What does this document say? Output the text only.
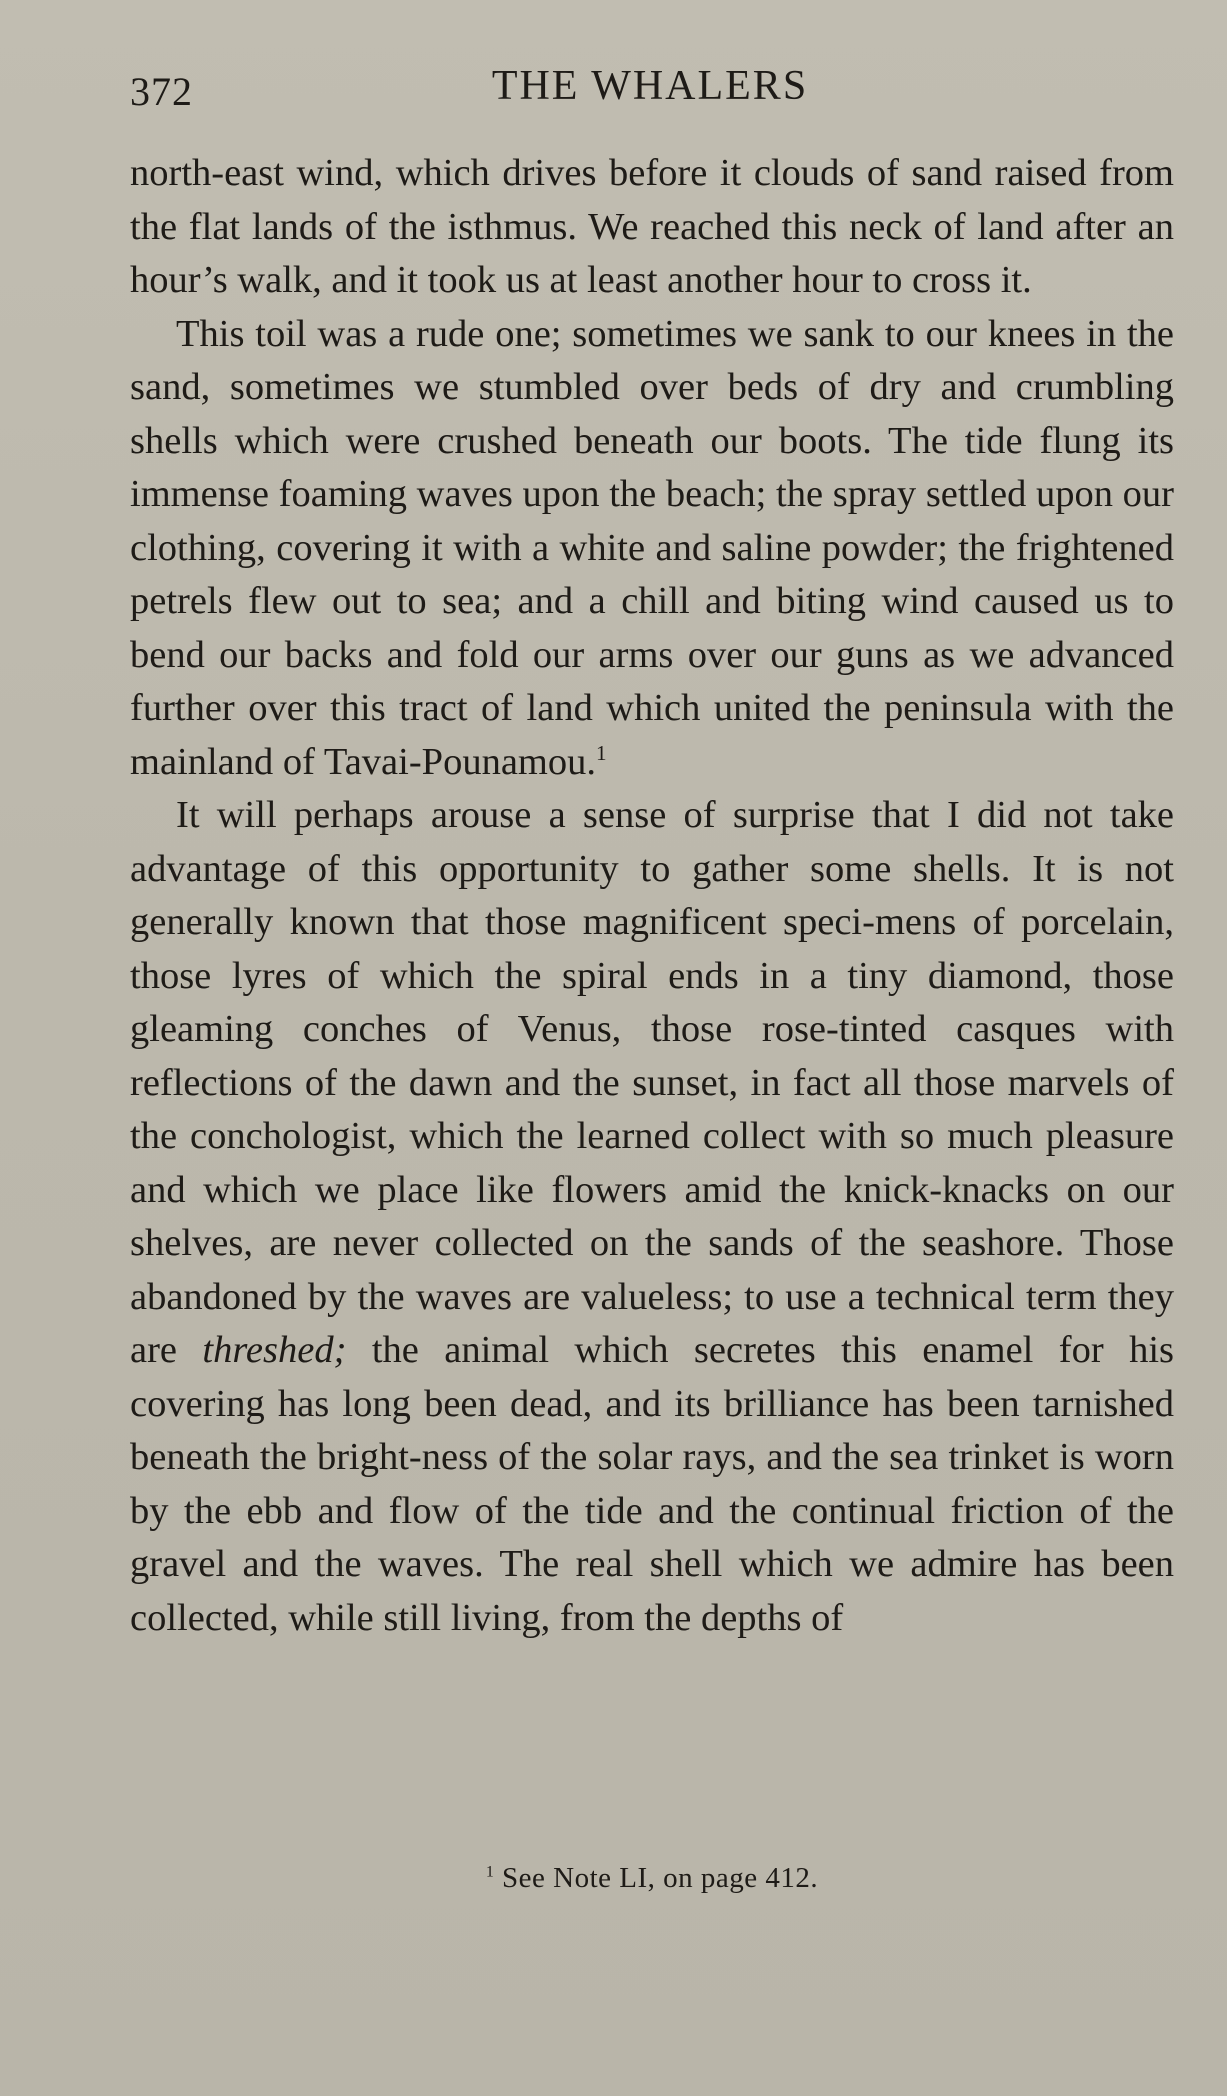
372	THE WHALERS

north-east wind, which drives before it clouds of sand raised from the flat lands of the isthmus. We reached this neck of land after an hour’s walk, and it took us at least another hour to cross it.

This toil was a rude one; sometimes we sank to our knees in the sand, sometimes we stumbled over beds of dry and crumbling shells which were crushed beneath our boots. The tide flung its immense foaming waves upon the beach; the spray settled upon our clothing, covering it with a white and saline powder; the frightened petrels flew out to sea; and a chill and biting wind caused us to bend our backs and fold our arms over our guns as we advanced further over this tract of land which united the peninsula with the mainland of Tavai-Pounamou.$^1$

It will perhaps arouse a sense of surprise that I did not take advantage of this opportunity to gather some shells. It is not generally known that those magnificent speci-mens of porcelain, those lyres of which the spiral ends in a tiny diamond, those gleaming conches of Venus, those rose-tinted casques with reflections of the dawn and the sunset, in fact all those marvels of the conchologist, which the learned collect with so much pleasure and which we place like flowers amid the knick-knacks on our shelves, are never collected on the sands of the seashore. Those abandoned by the waves are valueless; to use a technical term they are threshed; the animal which secretes this enamel for his covering has long been dead, and its brilliance has been tarnished beneath the bright-ness of the solar rays, and the sea trinket is worn by the ebb and flow of the tide and the continual friction of the gravel and the waves. The real shell which we admire has been collected, while still living, from the depths of

$^1$ See Note LI, on page 412.
